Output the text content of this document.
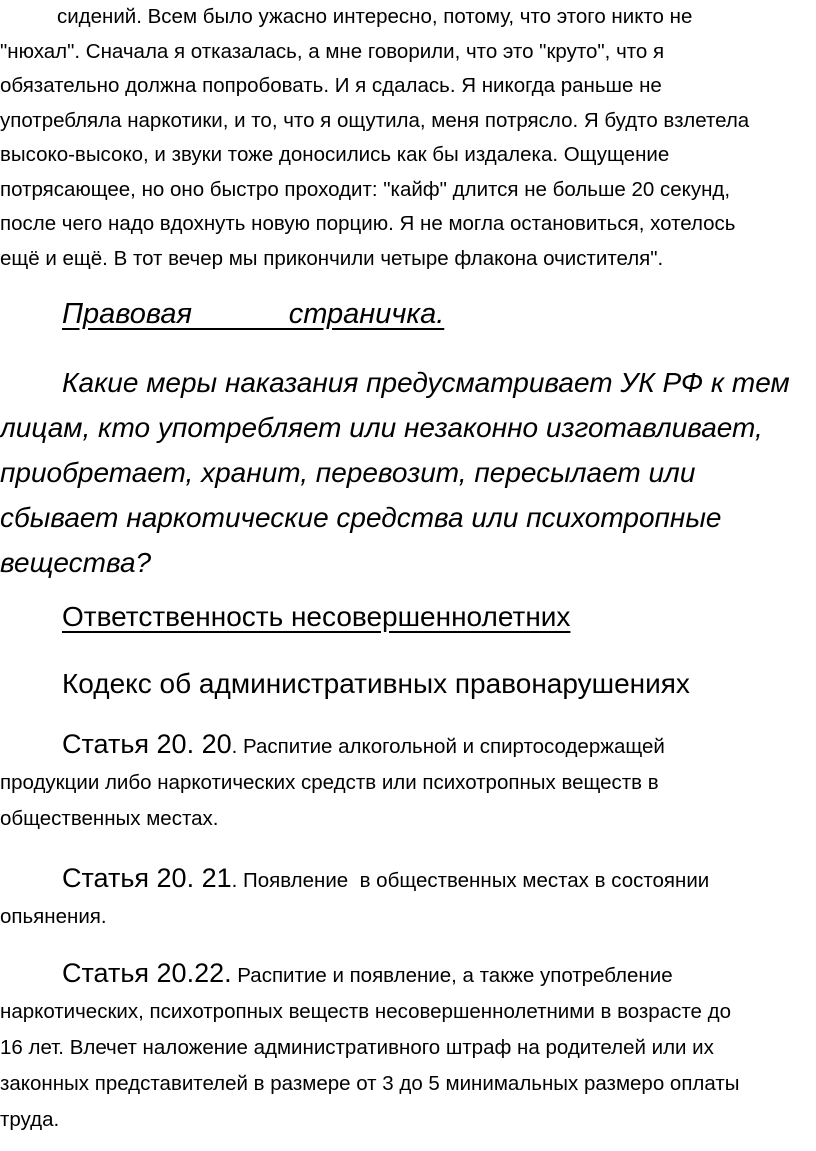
сидений. Всем было ужасно интересно, потому, что этого никто не
"нюхал". Сначала я отказалась, а мне говорили, что это "круто", что я
обязательно должна попробовать. И я сдалась. Я никогда раньше не
употребляла наркотики, и то, что я ощутила, меня потрясло. Я будто взлетела
высоко-высоко, и звуки тоже доносились как бы издалека. Ощущение
потрясающее, но оно быстро проходит: "кайф" длится не больше 20 секунд,
после чего надо вдохнуть новую порцию. Я не могла остановиться, хотелось
ещё и ещё. В тот вечер мы прикончили четыре флакона очистителя".
Правовая            страничка.
Какие меры наказания предусматривает УК РФ к тем
лицам, кто употребляет или незаконно изготавливает,
приобретает, хранит, перевозит, пересылает или
сбывает наркотические средства или психотропные
вещества?
Ответственность несовершеннолетних
Кодекс об административных правонарушениях
Статья 20. 20. Распитие алкогольной и спиртосодержащей
продукции либо наркотических средств или психотропных веществ в
общественных местах.
Статья 20. 21. Появление  в общественных местах в состоянии
опьянения.
Статья 20.22. Распитие и появление, а также употребление
наркотических, психотропных веществ несовершеннолетними в возрасте до
16 лет. Влечет наложение административного штраф на родителей или их
законных представителей в размере от 3 до 5 минимальных размеро оплаты
труда.
